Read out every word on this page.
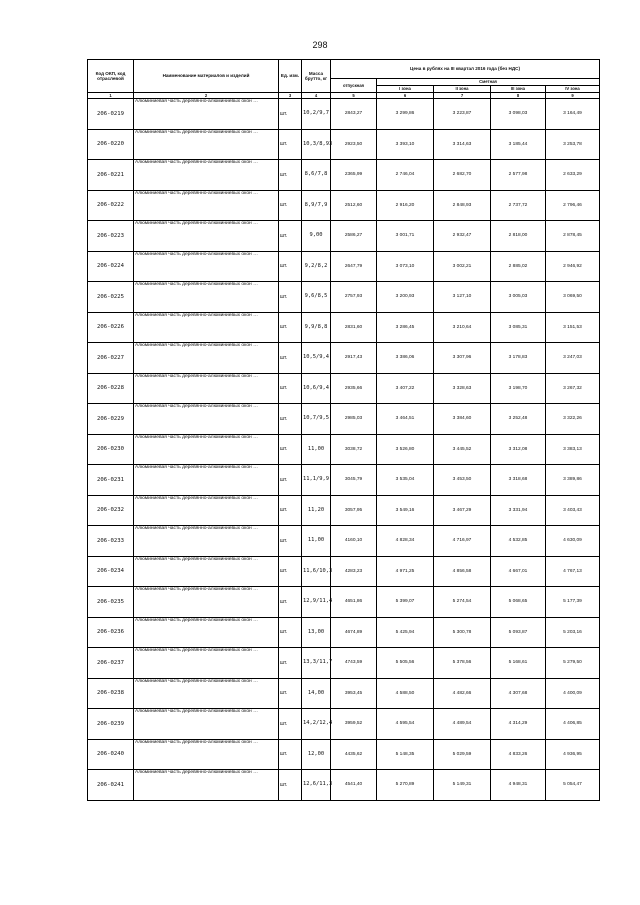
298
Код ОКП, код отраслевой	Наименование материалов и изделий	Ед. изм.	Масса брутто, кг	Цена в рублях на III квартал 2016 года (без НДС)				
				отпускная	Сметная			
					I зона	II зона	III зона	IV зона
1	2	3	4	5	6	7	8	9
206-0219	Алюминиевая часть деревянно-алюминиевых окон …	шт.	10,2/9,7	2843,27	3 299,86	3 223,87	3 098,03	3 164,49
206-0220	Алюминиевая часть деревянно-алюминиевых окон …	шт.	10,3/8,93	2923,50	3 393,10	3 314,63	3 185,44	3 253,78
206-0221	Алюминиевая часть деревянно-алюминиевых окон …	шт.	8,6/7,8	2365,99	2 746,04	2 682,70	2 577,98	2 633,29
206-0222	Алюминиевая часть деревянно-алюминиевых окон …	шт.	8,9/7,9	2512,60	2 916,20	2 848,93	2 737,72	2 796,46
206-0223	Алюминиевая часть деревянно-алюминиевых окон …	шт.	9,00	2586,27	3 001,71	2 932,47	2 818,00	2 878,45
206-0224	Алюминиевая часть деревянно-алюминиевых окон …	шт.	9,2/8,2	2647,79	3 073,10	3 002,21	2 885,02	2 946,92
206-0225	Алюминиевая часть деревянно-алюминиевых окон …	шт.	9,6/8,5	2757,93	3 200,93	3 127,10	3 005,03	3 069,50
206-0226	Алюминиевая часть деревянно-алюминиевых окон …	шт.	9,9/8,8	2831,60	3 286,45	3 210,64	3 085,31	3 151,53
206-0227	Алюминиевая часть деревянно-алюминиевых окон …	шт.	10,5/9,4	2917,43	3 386,06	3 307,96	3 178,83	3 247,03
206-0228	Алюминиевая часть деревянно-алюминиевых окон …	шт.	10,6/9,4	2935,66	3 407,22	3 328,63	3 198,70	3 267,32
206-0229	Алюминиевая часть деревянно-алюминиевых окон …	шт.	10,7/9,5	2985,03	3 464,51	3 384,60	3 252,48	3 322,26
206-0230	Алюминиевая часть деревянно-алюминиевых окон …	шт.	11,00	3038,72	3 526,80	3 445,52	3 312,08	3 383,13
206-0231	Алюминиевая часть деревянно-алюминиевых окон …	шт.	11,1/9,9	3045,79	3 535,04	3 453,50	3 318,68	3 389,86
206-0232	Алюминиевая часть деревянно-алюминиевых окон …	шт.	11,20	3057,95	3 549,16	3 467,29	3 331,94	3 403,43
206-0233	Алюминиевая часть деревянно-алюминиевых окон …	шт.	11,00	4160,10	4 828,34	4 716,97	4 532,85	4 630,09
206-0234	Алюминиевая часть деревянно-алюминиевых окон …	шт.	11,6/10,3	4283,23	4 971,25	4 856,58	4 667,01	4 767,13
206-0235	Алюминиевая часть деревянно-алюминиевых окон …	шт.	12,9/11,4	4651,86	5 399,07	5 274,54	5 068,65	5 177,39
206-0236	Алюминиевая часть деревянно-алюминиевых окон …	шт.	13,00	4674,89	5 425,94	5 300,78	5 093,87	5 203,16
206-0237	Алюминиевая часть деревянно-алюминиевых окон …	шт.	13,3/11,7	4743,59	5 505,56	5 378,56	5 168,61	5 279,50
206-0238	Алюминиевая часть деревянно-алюминиевых окон …	шт.	14,00	3953,45	4 588,50	4 482,66	4 307,68	4 400,09
206-0239	Алюминиевая часть деревянно-алюминиевых окон …	шт.	14,2/12,4	3959,52	4 595,54	4 489,54	4 314,29	4 406,85
206-0240	Алюминиевая часть деревянно-алюминиевых окон …	шт.	12,00	4435,62	5 148,35	5 029,59	4 833,26	4 936,95
206-0241	Алюминиевая часть деревянно-алюминиевых окон …	шт.	12,6/11,3	4541,40	5 270,89	5 149,31	4 948,31	5 054,47
